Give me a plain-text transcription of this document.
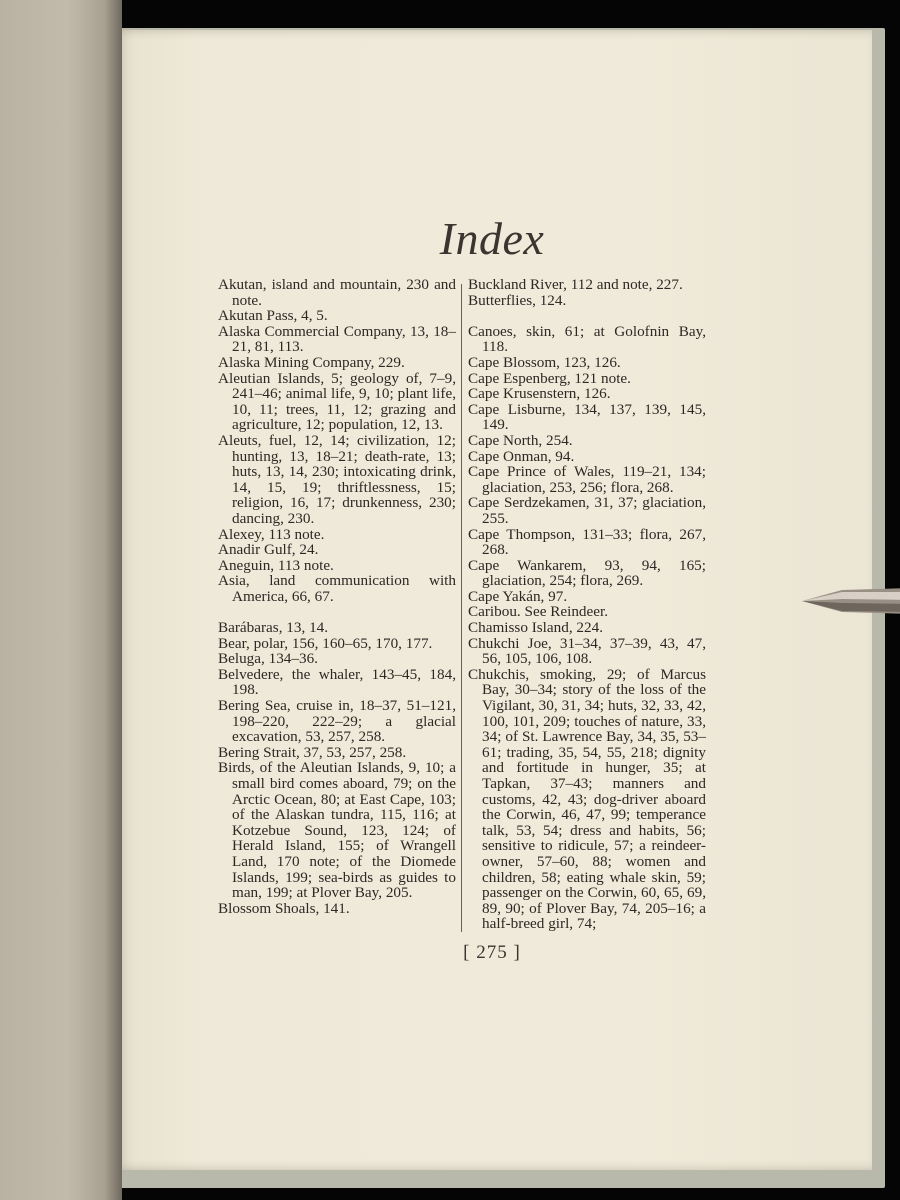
Index

Akutan, island and mountain, 230 and note.

Akutan Pass, 4, 5.

Alaska Commercial Company, 13, 18–21, 81, 113.

Alaska Mining Company, 229.

Aleutian Islands, 5; geology of, 7–9, 241–46; animal life, 9, 10; plant life, 10, 11; trees, 11, 12; grazing and agriculture, 12; population, 12, 13.

Aleuts, fuel, 12, 14; civilization, 12; hunting, 13, 18–21; death-rate, 13; huts, 13, 14, 230; intoxicating drink, 14, 15, 19; thriftlessness, 15; religion, 16, 17; drunkenness, 230; dancing, 230.

Alexey, 113 note.

Anadir Gulf, 24.

Aneguin, 113 note.

Asia, land communication with America, 66, 67.

Barábaras, 13, 14.

Bear, polar, 156, 160–65, 170, 177.

Beluga, 134–36.

Belvedere, the whaler, 143–45, 184, 198.

Bering Sea, cruise in, 18–37, 51–121, 198–220, 222–29; a glacial excavation, 53, 257, 258.

Bering Strait, 37, 53, 257, 258.

Birds, of the Aleutian Islands, 9, 10; a small bird comes aboard, 79; on the Arctic Ocean, 80; at East Cape, 103; of the Alaskan tundra, 115, 116; at Kotzebue Sound, 123, 124; of Herald Island, 155; of Wrangell Land, 170 note; of the Diomede Islands, 199; sea-birds as guides to man, 199; at Plover Bay, 205.

Blossom Shoals, 141.

Buckland River, 112 and note, 227.

Butterflies, 124.

Canoes, skin, 61; at Golofnin Bay, 118.

Cape Blossom, 123, 126.

Cape Espenberg, 121 note.

Cape Krusenstern, 126.

Cape Lisburne, 134, 137, 139, 145, 149.

Cape North, 254.

Cape Onman, 94.

Cape Prince of Wales, 119–21, 134; glaciation, 253, 256; flora, 268.

Cape Serdzekamen, 31, 37; glaciation, 255.

Cape Thompson, 131–33; flora, 267, 268.

Cape Wankarem, 93, 94, 165; glaciation, 254; flora, 269.

Cape Yakán, 97.

Caribou. See Reindeer.

Chamisso Island, 224.

Chukchi Joe, 31–34, 37–39, 43, 47, 56, 105, 106, 108.

Chukchis, smoking, 29; of Marcus Bay, 30–34; story of the loss of the Vigilant, 30, 31, 34; huts, 32, 33, 42, 100, 101, 209; touches of nature, 33, 34; of St. Lawrence Bay, 34, 35, 53–61; trading, 35, 54, 55, 218; dignity and fortitude in hunger, 35; at Tapkan, 37–43; manners and customs, 42, 43; dog-driver aboard the Corwin, 46, 47, 99; temperance talk, 53, 54; dress and habits, 56; sensitive to ridicule, 57; a reindeer-owner, 57–60, 88; women and children, 58; eating whale skin, 59; passenger on the Corwin, 60, 65, 69, 89, 90; of Plover Bay, 74, 205–16; a half-breed girl, 74;

[ 275 ]
